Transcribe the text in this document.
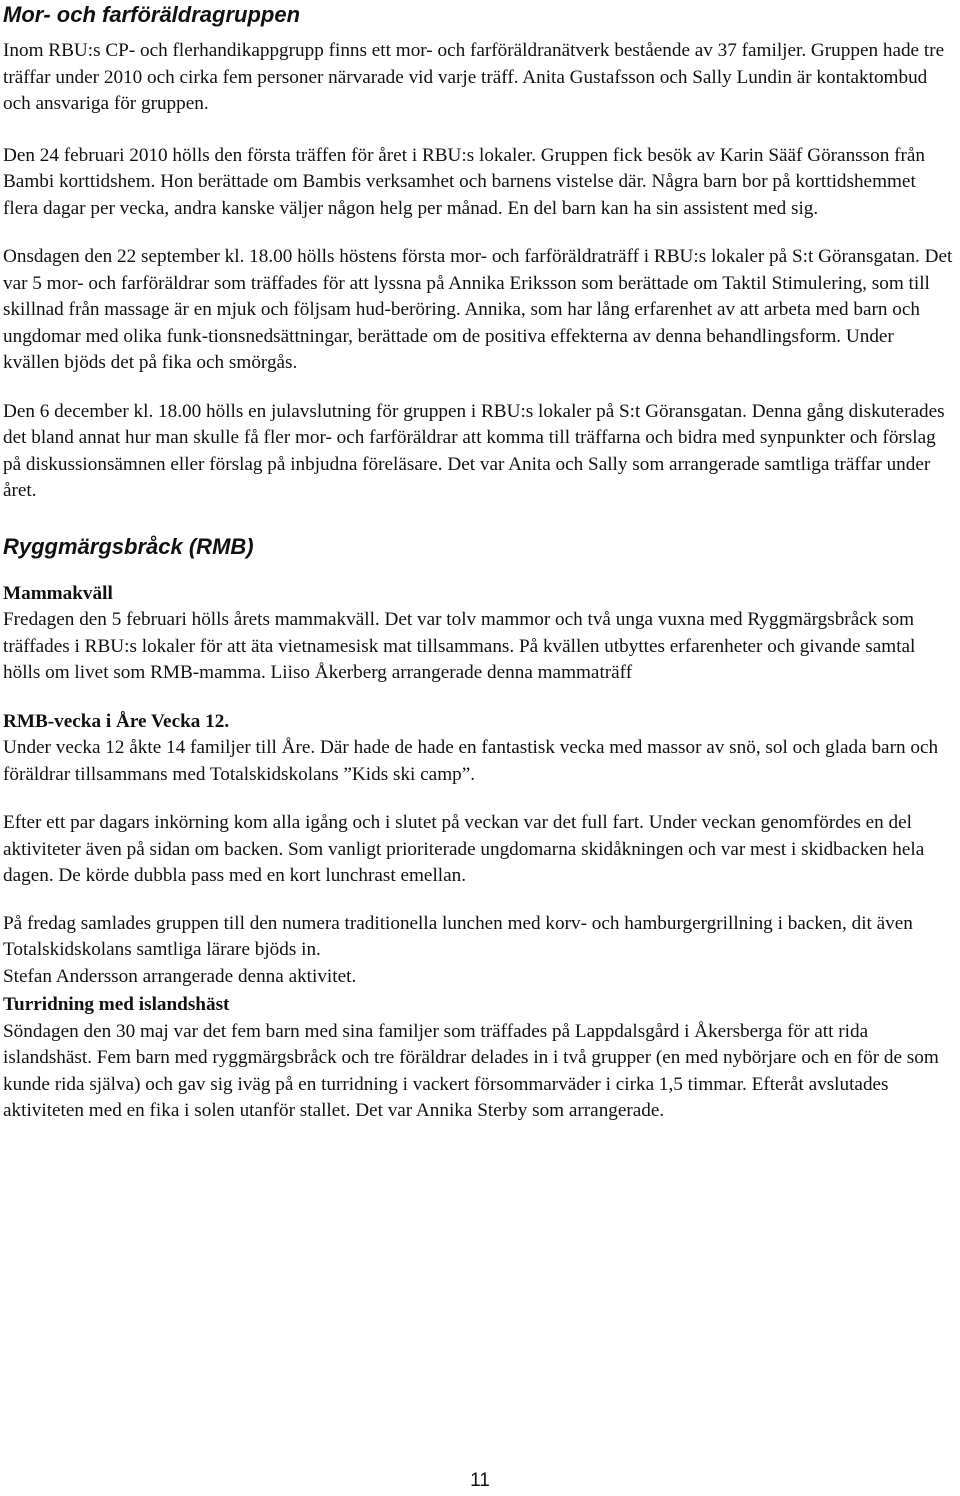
Mor- och farföräldragruppen

Inom RBU:s CP- och flerhandikappgrupp finns ett mor- och farföräldranätverk bestående av 37 familjer. Gruppen hade tre träffar under 2010 och cirka fem personer närvarade vid varje träff. Anita Gustafsson och Sally Lundin är kontaktombud och ansvariga för gruppen.

Den 24 februari 2010 hölls den första träffen för året i RBU:s lokaler. Gruppen fick besök av Karin Sääf Göransson från Bambi korttidshem. Hon berättade om Bambis verksamhet och barnens vistelse där. Några barn bor på korttidshemmet flera dagar per vecka, andra kanske väljer någon helg per månad. En del barn kan ha sin assistent med sig.

Onsdagen den 22 september kl. 18.00 hölls höstens första mor- och farföräldraträff i RBU:s lokaler på S:t Göransgatan. Det var 5 mor- och farföräldrar som träffades för att lyssna på Annika Eriksson som berättade om Taktil Stimulering, som till skillnad från massage är en mjuk och följsam hud-beröring. Annika, som har lång erfarenhet av att arbeta med barn och ungdomar med olika funk-tionsnedsättningar, berättade om de positiva effekterna av denna behandlingsform. Under kvällen bjöds det på fika och smörgås.

Den 6 december kl. 18.00 hölls en julavslutning för gruppen i RBU:s lokaler på S:t Göransgatan. Denna gång diskuterades det bland annat hur man skulle få fler mor- och farföräldrar att komma till träffarna och bidra med synpunkter och förslag på diskussionsämnen eller förslag på inbjudna föreläsare. Det var Anita och Sally som arrangerade samtliga träffar under året.

Ryggmärgsbråck (RMB)
Mammakväll

Fredagen den 5 februari hölls årets mammakväll. Det var tolv mammor och två unga vuxna med Ryggmärgsbråck som träffades i RBU:s lokaler för att äta vietnamesisk mat tillsammans. På kvällen utbyttes erfarenheter och givande samtal hölls om livet som RMB-mamma. Liiso Åkerberg arrangerade denna mammaträff

RMB-vecka i Åre Vecka 12.

Under vecka 12 åkte 14 familjer till Åre. Där hade de hade en fantastisk vecka med massor av snö, sol och glada barn och föräldrar tillsammans med Totalskidskolans ”Kids ski camp”.

Efter ett par dagars inkörning kom alla igång och i slutet på veckan var det full fart. Under veckan genomfördes en del aktiviteter även på sidan om backen. Som vanligt prioriterade ungdomarna skidåkningen och var mest i skidbacken hela dagen. De körde dubbla pass med en kort lunchrast emellan.

På fredag samlades gruppen till den numera traditionella lunchen med korv- och hamburgergrillning i backen, dit även Totalskidskolans samtliga lärare bjöds in.

Stefan Andersson arrangerade denna aktivitet.

Turridning med islandshäst

Söndagen den 30 maj var det fem barn med sina familjer som träffades på Lappdalsgård i Åkersberga för att rida islandshäst. Fem barn med ryggmärgsbråck och tre föräldrar delades in i två grupper (en med nybörjare och en för de som kunde rida själva) och gav sig iväg på en turridning i vackert försommarväder i cirka 1,5 timmar. Efteråt avslutades aktiviteten med en fika i solen utanför stallet. Det var Annika Sterby som arrangerade.

11
